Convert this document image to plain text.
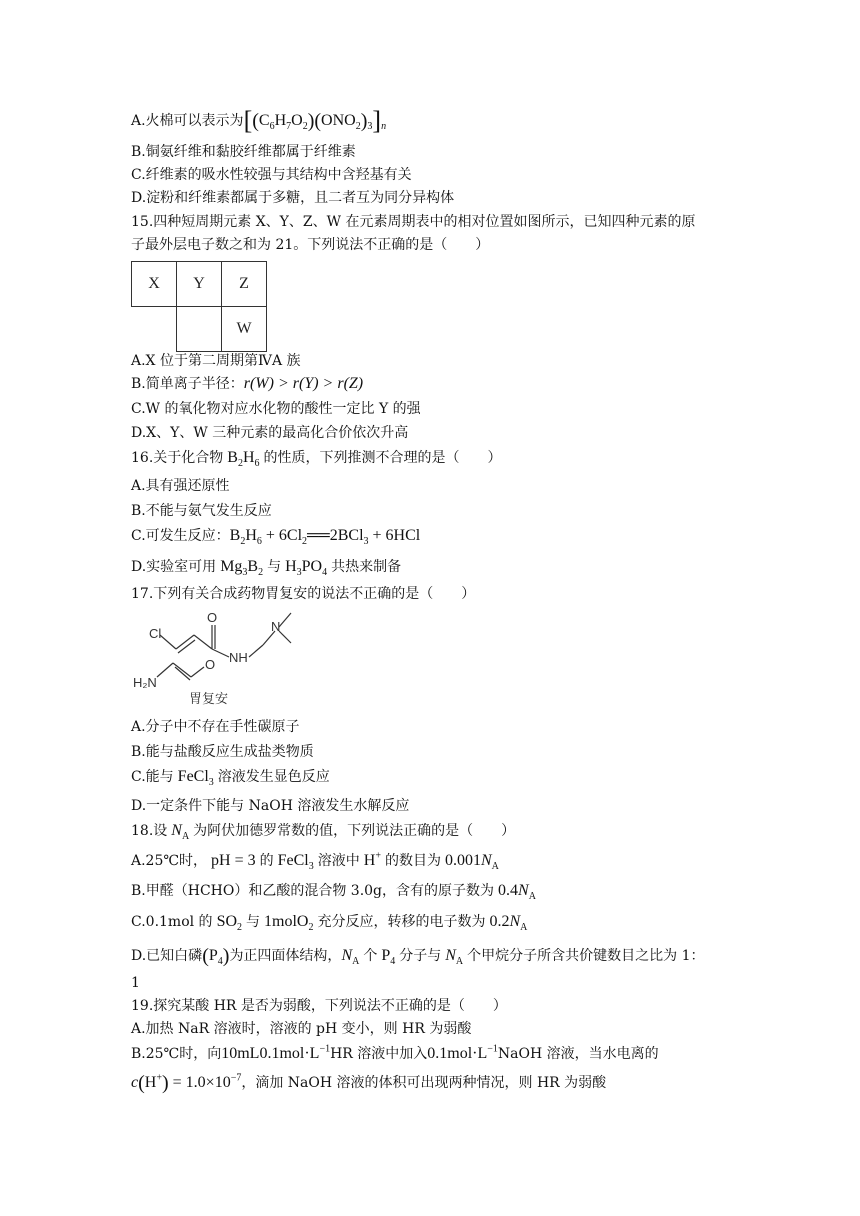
A.火棉可以表示为$[(C_6H_7O_2)(ONO_2)_3]_n$
B.铜氨纤维和黏胶纤维都属于纤维素
C.纤维素的吸水性较强与其结构中含羟基有关
D.淀粉和纤维素都属于多糖，且二者互为同分异构体
15.四种短周期元素 X、Y、Z、W 在元素周期表中的相对位置如图所示，已知四种元素的原
子最外层电子数之和为 21。下列说法不正确的是（　　）
X	Y	Z
		W
A.X 位于第二周期第ⅣA 族
B.简单离子半径：r(W) > r(Y) > r(Z)
C.W 的氧化物对应水化物的酸性一定比 Y 的强
D.X、Y、W 三种元素的最高化合价依次升高
16.关于化合物 $B_2H_6$ 的性质，下列推测不合理的是（　　）
A.具有强还原性
B.不能与氨气发生反应
C.可发生反应：$B_2H_6$ + $6Cl_2══2BCl_3 + 6HCl$
D.实验室可用 $Mg_3B_2$ 与 $H_3PO_4$ 共热来制备
17.下列有关合成药物胃复安的说法不正确的是（　　）
Cl
O
N
NH
H₂N
O
胃复安
A.分子中不存在手性碳原子
B.能与盐酸反应生成盐类物质
C.能与 FeCl$_3$ 溶液发生显色反应
D.一定条件下能与 NaOH 溶液发生水解反应
18.设 $N_A$ 为阿伏加德罗常数的值，下列说法正确的是（　　）
A.25℃时， pH = 3 的 FeCl$_3$ 溶液中 H+ 的数目为 $0.001N_A$
B.甲醛（HCHO）和乙酸的混合物 3.0g，含有的原子数为 $0.4N_A$
C.0.1mol 的 $SO_2$ 与 1molO$_2$ 充分反应，转移的电子数为 $0.2N_A$
D.已知白磷$(P_4)$为正四面体结构，$N_A$ 个 $P_4$ 分子与 $N_A$ 个甲烷分子所含共价键数目之比为 1：
1
19.探究某酸 HR 是否为弱酸，下列说法不正确的是（　　）
A.加热 NaR 溶液时，溶液的 pH 变小，则 HR 为弱酸
B.25℃时，向$10mL0.1mol\cdot L^{-1}HR$ 溶液中加入$0.1mol\cdot L^{-1}NaOH$ 溶液，当水电离的
$c(H^+) = 1.0\times 10^{-7}$，滴加 NaOH 溶液的体积可出现两种情况，则 HR 为弱酸
